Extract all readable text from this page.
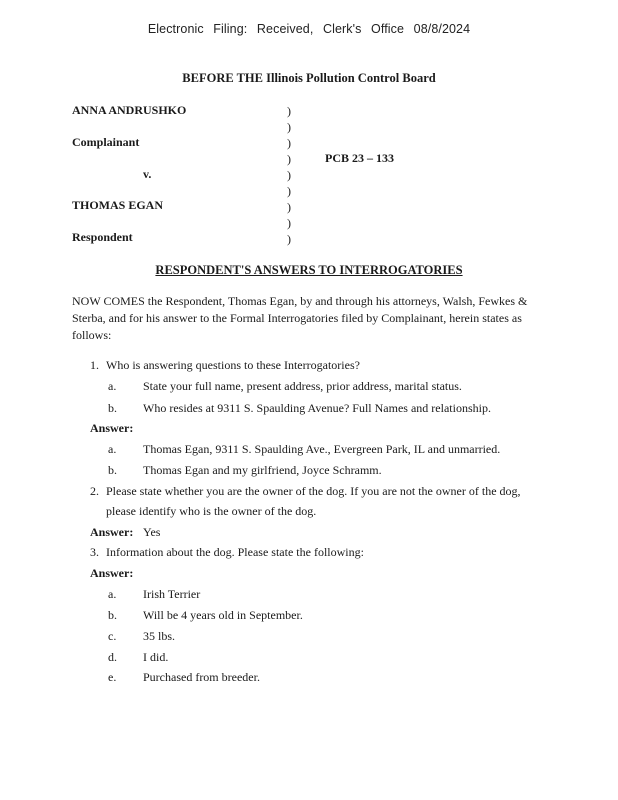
Electronic Filing: Received, Clerk's Office 08/8/2024
BEFORE THE Illinois Pollution Control Board
ANNA ANDRUSHKO
Complainant
v.
THOMAS EGAN
Respondent
)
)
)
)
)
)
)
)
)
PCB 23 – 133
RESPONDENT'S ANSWERS TO INTERROGATORIES
NOW COMES the Respondent, Thomas Egan, by and through his attorneys, Walsh, Fewkes & Sterba, and for his answer to the Formal Interrogatories filed by Complainant, herein states as follows:
1. Who is answering questions to these Interrogatories?
a. State your full name, present address, prior address, marital status.
b. Who resides at 9311 S. Spaulding Avenue? Full Names and relationship.
Answer:
a. Thomas Egan, 9311 S. Spaulding Ave., Evergreen Park, IL and unmarried.
b. Thomas Egan and my girlfriend, Joyce Schramm.
2. Please state whether you are the owner of the dog. If you are not the owner of the dog,
please identify who is the owner of the dog.
Answer: Yes
3. Information about the dog. Please state the following:
Answer:
a. Irish Terrier
b. Will be 4 years old in September.
c. 35 lbs.
d. I did.
e. Purchased from breeder.
